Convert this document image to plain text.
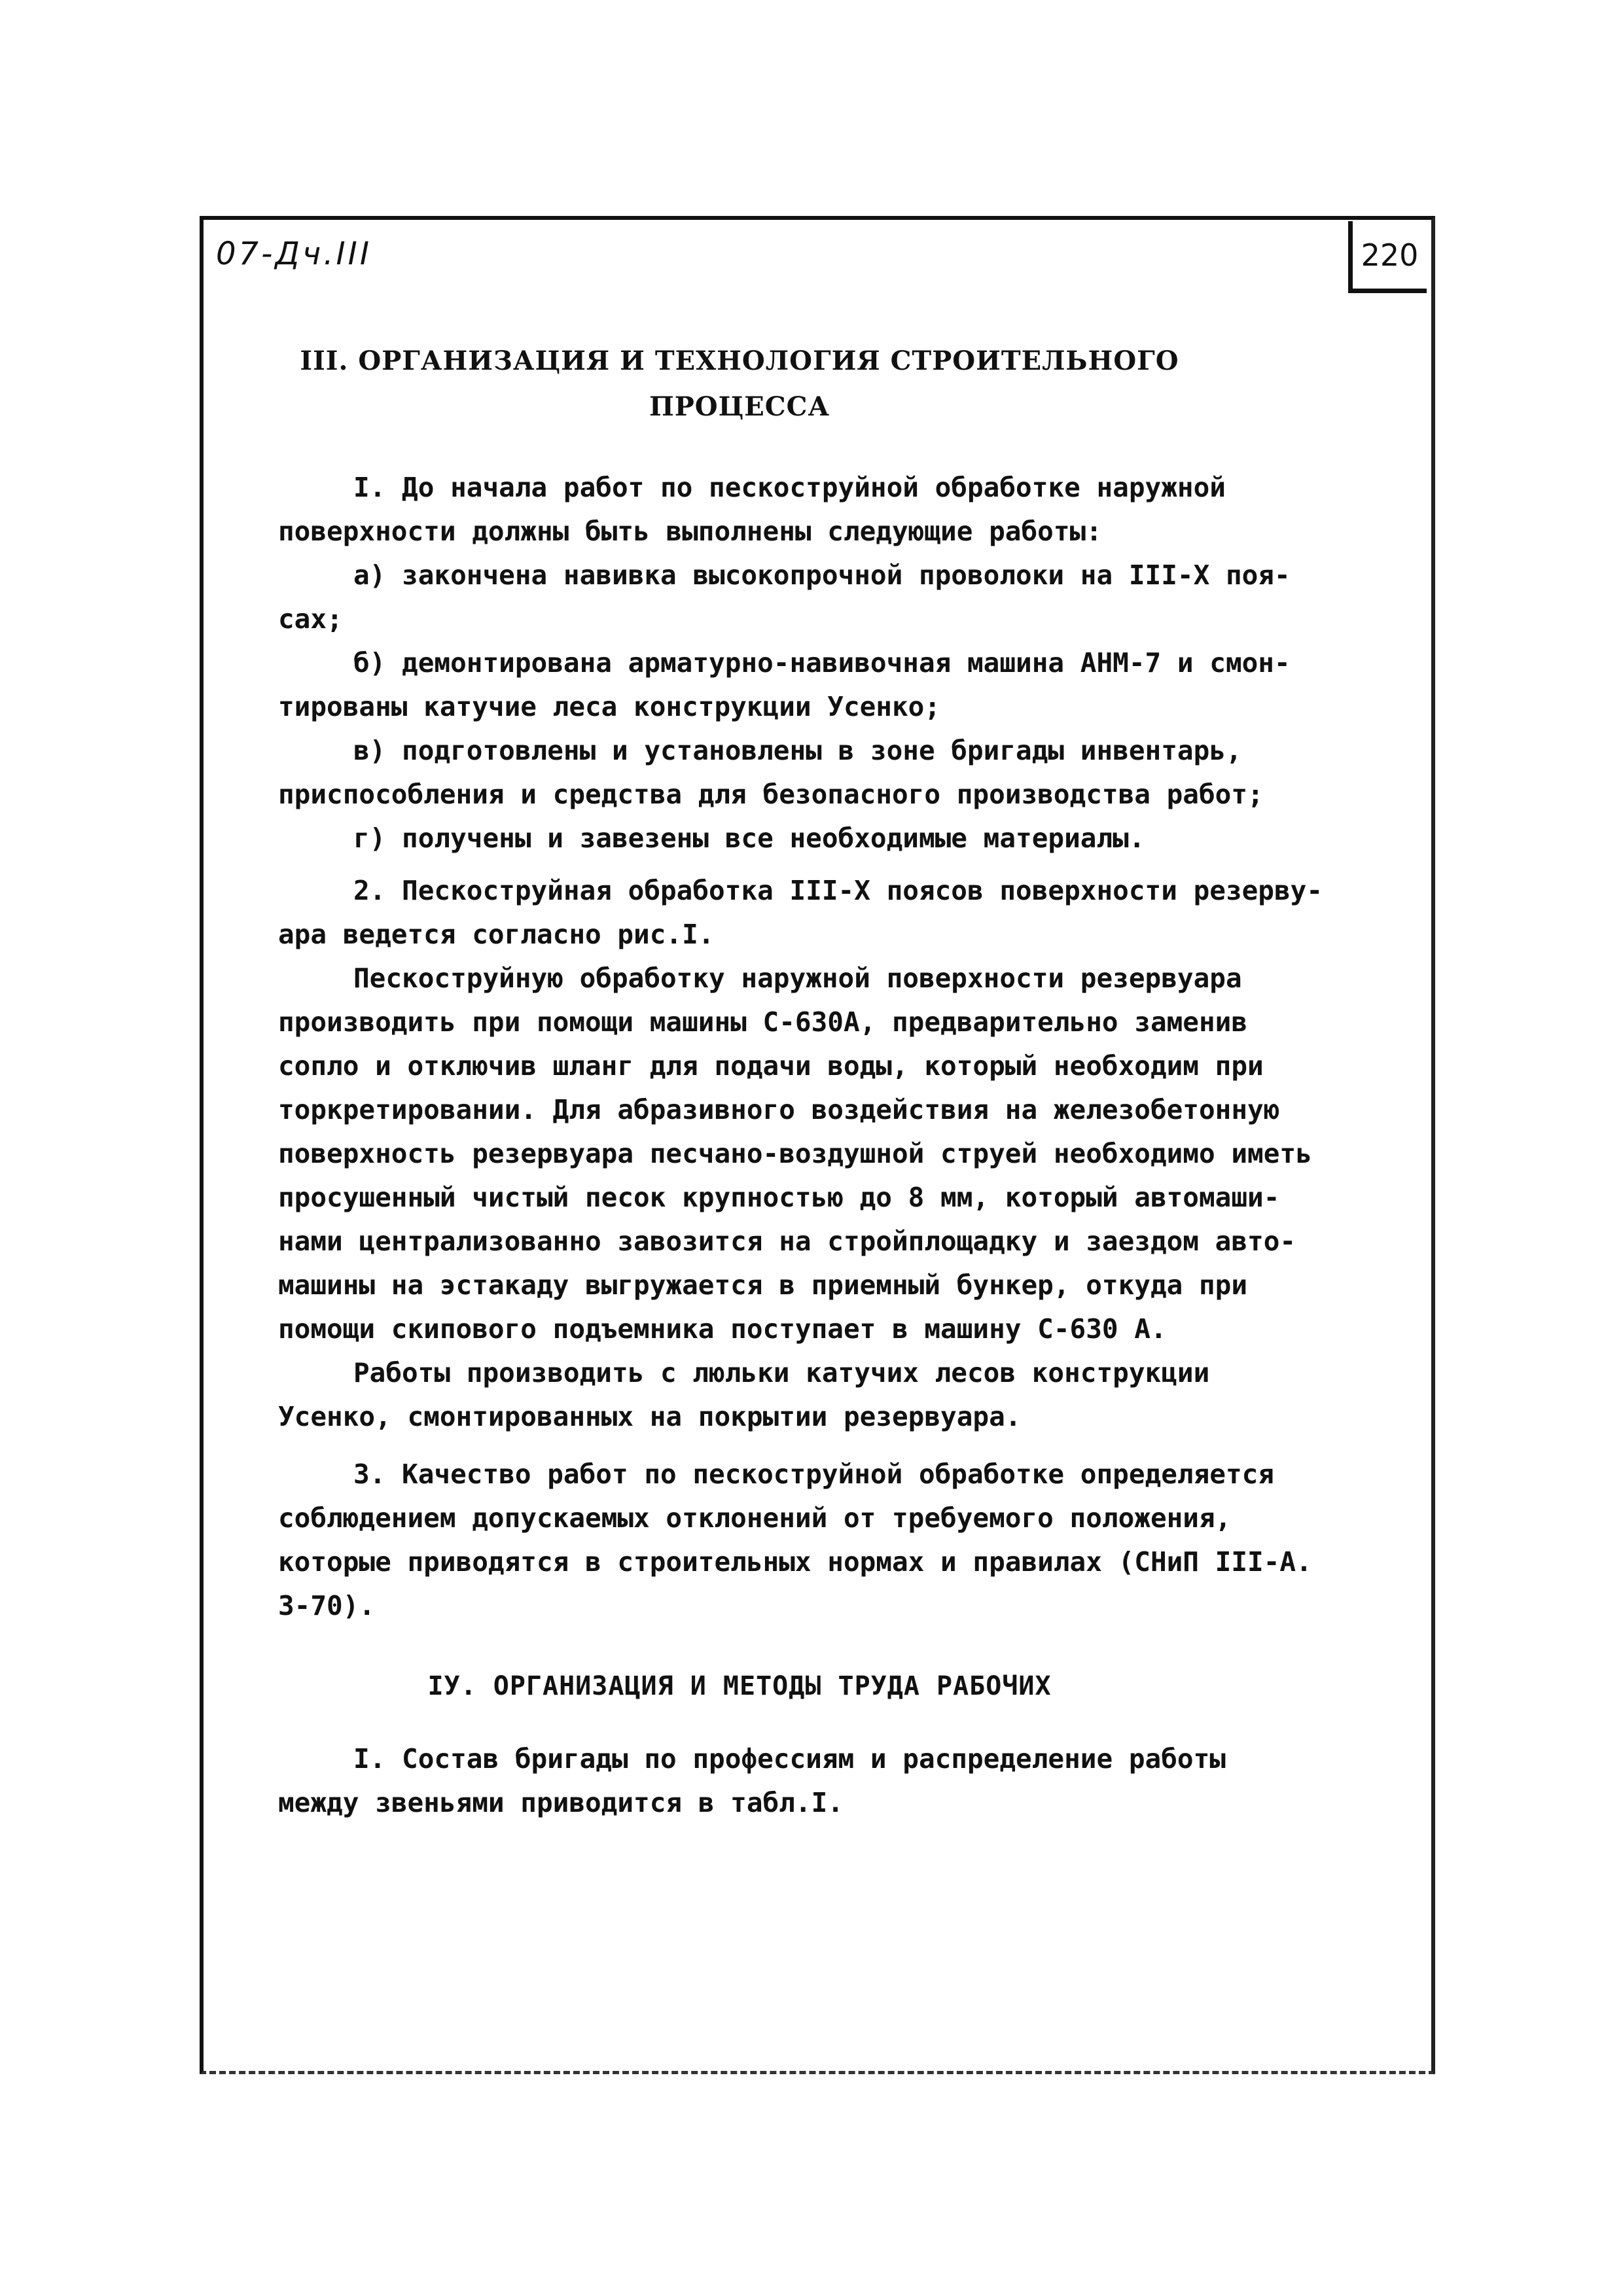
07-Дч.III	220
III. ОРГАНИЗАЦИЯ И ТЕХНОЛОГИЯ СТРОИТЕЛЬНОГО
ПРОЦЕССА

I. До начала работ по пескоструйной обработке наружной

поверхности должны быть выполнены следующие работы:

а) закончена навивка высокопрочной проволоки на III-X поя-

сах;

б) демонтирована арматурно-навивочная машина АНМ-7 и смон-

тированы катучие леса конструкции Усенко;

в) подготовлены и установлены в зоне бригады инвентарь,

приспособления и средства для безопасного производства работ;

г) получены и завезены все необходимые материалы.

2. Пескоструйная обработка III-X поясов поверхности резерву-

ара ведется согласно рис.I.

Пескоструйную обработку наружной поверхности резервуара

производить при помощи машины С-630А, предварительно заменив

сопло и отключив шланг для подачи воды, который необходим при

торкретировании. Для абразивного воздействия на железобетонную

поверхность резервуара песчано-воздушной струей необходимо иметь

просушенный чистый песок крупностью до 8 мм, который автомаши-

нами централизованно завозится на стройплощадку и заездом авто-

машины на эстакаду выгружается в приемный бункер, откуда при

помощи скипового подъемника поступает в машину С-630 А.

Работы производить с люльки катучих лесов конструкции

Усенко, смонтированных на покрытии резервуара.

3. Качество работ по пескоструйной обработке определяется

соблюдением допускаемых отклонений от требуемого положения,

которые приводятся в строительных нормах и правилах (СНиП III-А.

3-70).

IУ. ОРГАНИЗАЦИЯ И МЕТОДЫ ТРУДА РАБОЧИХ

I. Состав бригады по профессиям и распределение работы

между звеньями приводится в табл.I.
